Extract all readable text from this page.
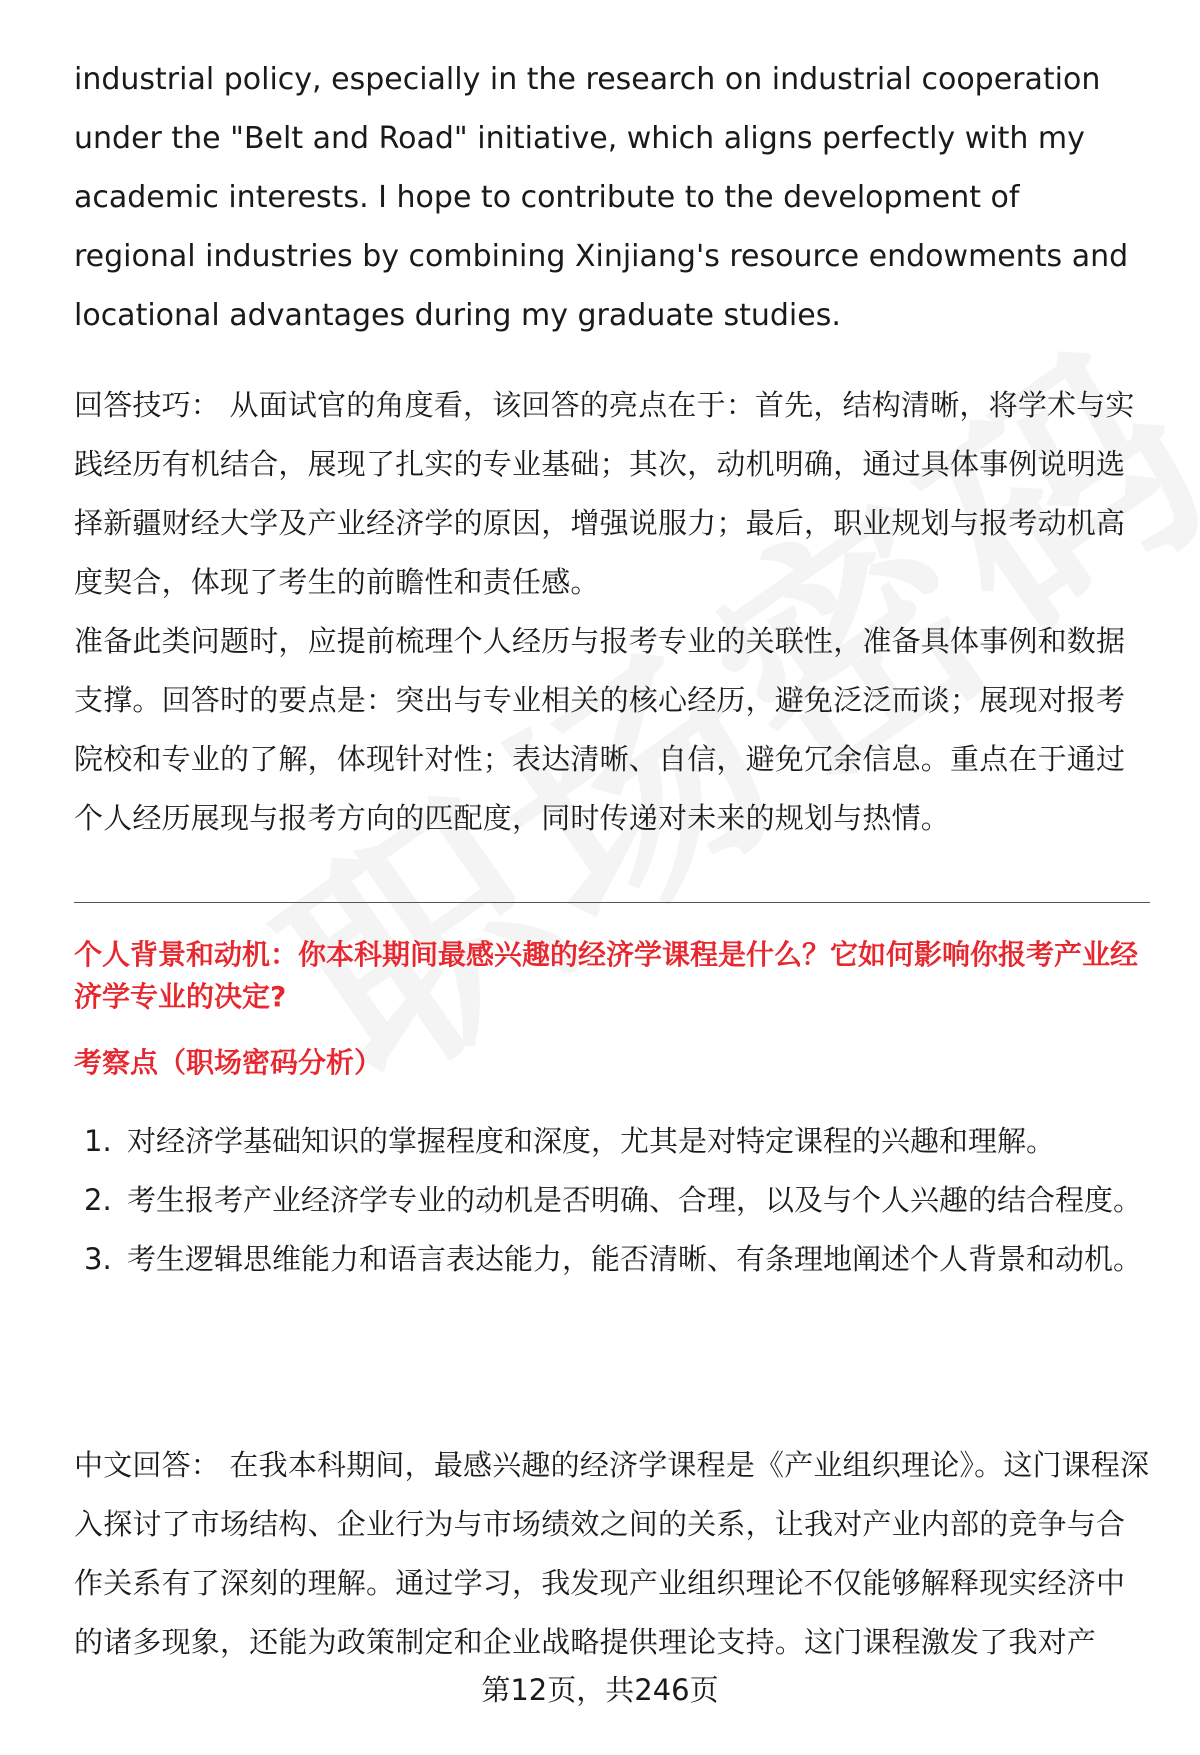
industrial policy, especially in the research on industrial cooperation under the "Belt and Road" initiative, which aligns perfectly with my academic interests. I hope to contribute to the development of regional industries by combining Xinjiang's resource endowments and locational advantages during my graduate studies.

回答技巧： 从面试官的角度看，该回答的亮点在于：首先，结构清晰，将学术与实践经历有机结合，展现了扎实的专业基础；其次，动机明确，通过具体事例说明选择新疆财经大学及产业经济学的原因，增强说服力；最后，职业规划与报考动机高度契合，体现了考生的前瞻性和责任感。

准备此类问题时，应提前梳理个人经历与报考专业的关联性，准备具体事例和数据支撑。回答时的要点是：突出与专业相关的核心经历，避免泛泛而谈；展现对报考院校和专业的了解，体现针对性；表达清晰、自信，避免冗余信息。重点在于通过个人经历展现与报考方向的匹配度，同时传递对未来的规划与热情。

个人背景和动机：你本科期间最感兴趣的经济学课程是什么？它如何影响你报考产业经济学专业的决定?
考察点（职场密码分析）
1. 对经济学基础知识的掌握程度和深度，尤其是对特定课程的兴趣和理解。
2. 考生报考产业经济学专业的动机是否明确、合理，以及与个人兴趣的结合程度。
3. 考生逻辑思维能力和语言表达能力，能否清晰、有条理地阐述个人背景和动机。

中文回答： 在我本科期间，最感兴趣的经济学课程是《产业组织理论》。这门课程深入探讨了市场结构、企业行为与市场绩效之间的关系，让我对产业内部的竞争与合作关系有了深刻的理解。通过学习，我发现产业组织理论不仅能够解释现实经济中的诸多现象，还能为政策制定和企业战略提供理论支持。这门课程激发了我对产

第12页，共246页
